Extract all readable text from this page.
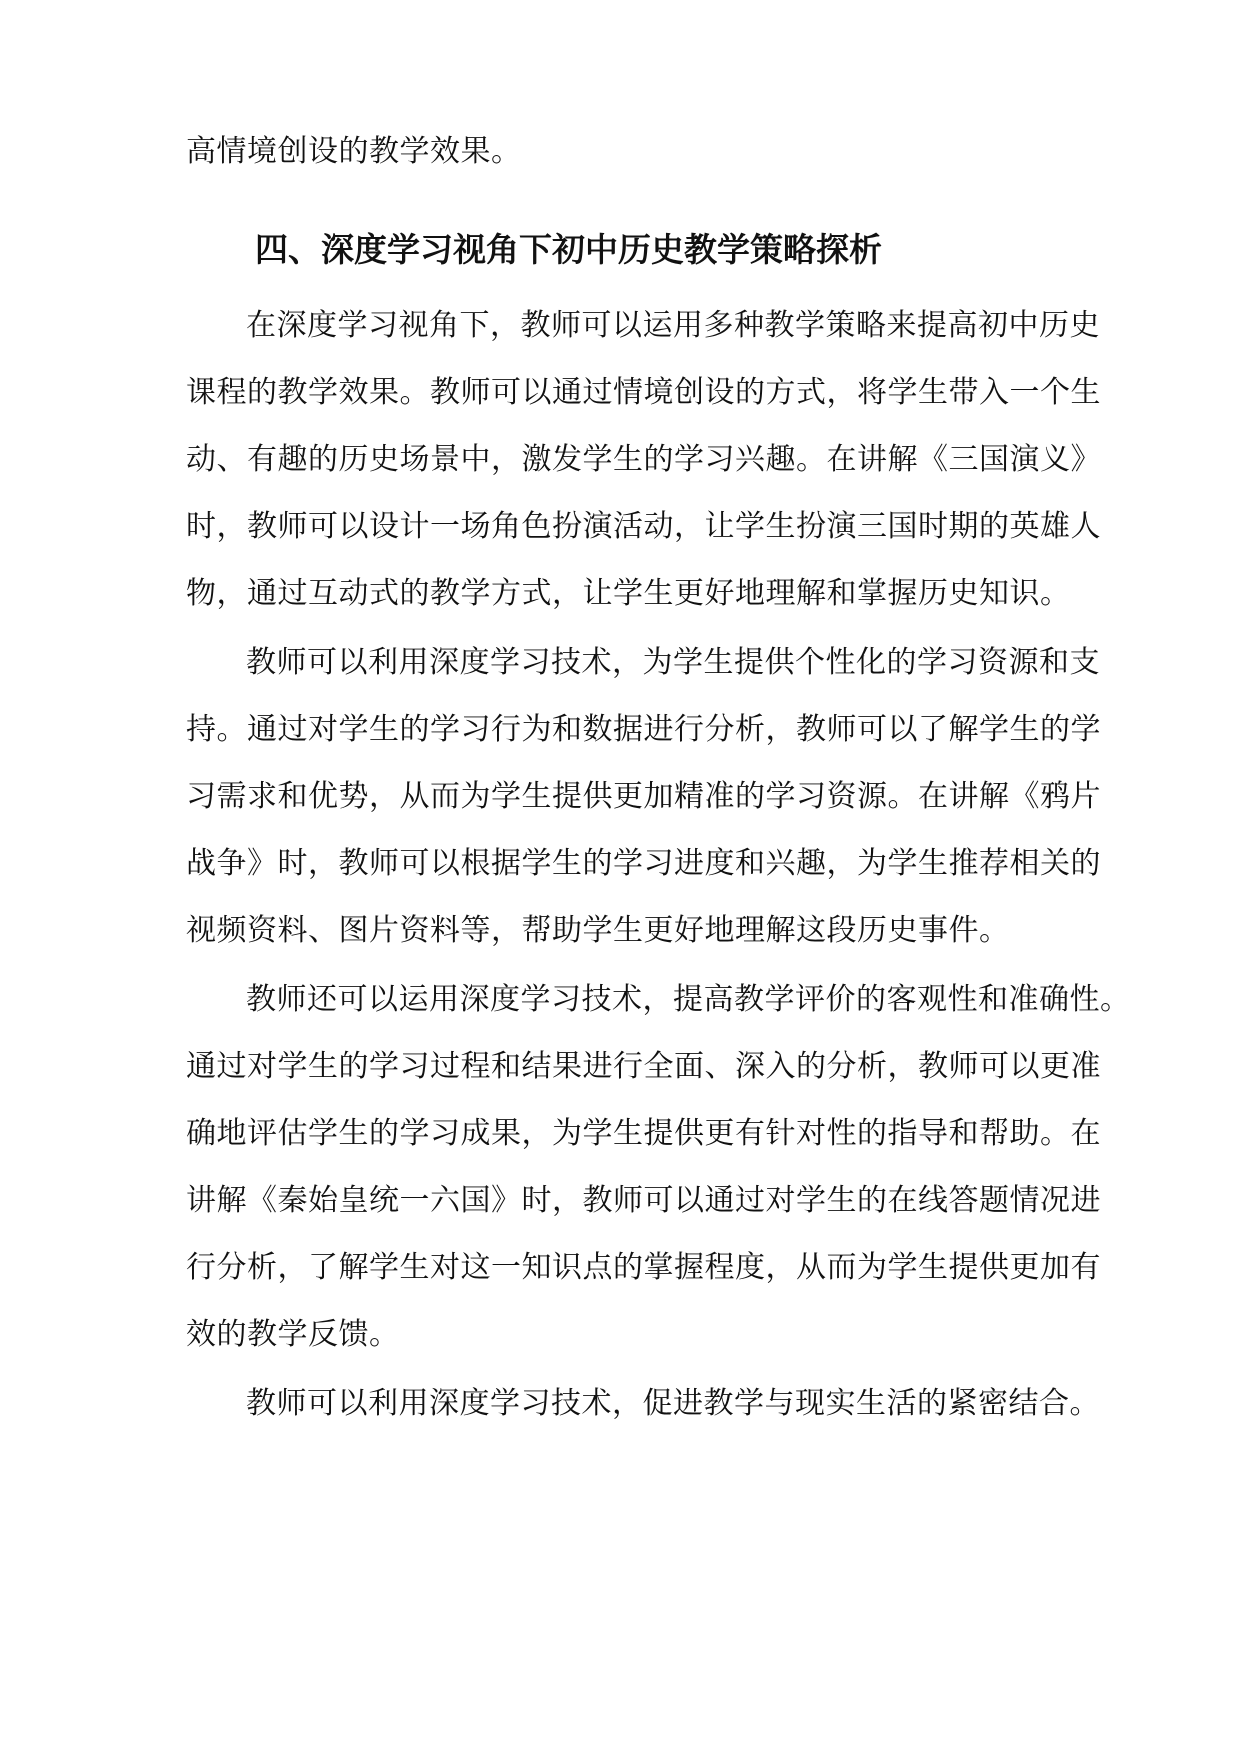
高情境创设的教学效果。
四、深度学习视角下初中历史教学策略探析
在深度学习视角下，教师可以运用多种教学策略来提高初中历史
课程的教学效果。教师可以通过情境创设的方式，将学生带入一个生
动、有趣的历史场景中，激发学生的学习兴趣。在讲解《三国演义》
时，教师可以设计一场角色扮演活动，让学生扮演三国时期的英雄人
物，通过互动式的教学方式，让学生更好地理解和掌握历史知识。
教师可以利用深度学习技术，为学生提供个性化的学习资源和支
持。通过对学生的学习行为和数据进行分析，教师可以了解学生的学
习需求和优势，从而为学生提供更加精准的学习资源。在讲解《鸦片
战争》时，教师可以根据学生的学习进度和兴趣，为学生推荐相关的
视频资料、图片资料等，帮助学生更好地理解这段历史事件。
教师还可以运用深度学习技术，提高教学评价的客观性和准确性。
通过对学生的学习过程和结果进行全面、深入的分析，教师可以更准
确地评估学生的学习成果，为学生提供更有针对性的指导和帮助。在
讲解《秦始皇统一六国》时，教师可以通过对学生的在线答题情况进
行分析，了解学生对这一知识点的掌握程度，从而为学生提供更加有
效的教学反馈。
教师可以利用深度学习技术，促进教学与现实生活的紧密结合。
